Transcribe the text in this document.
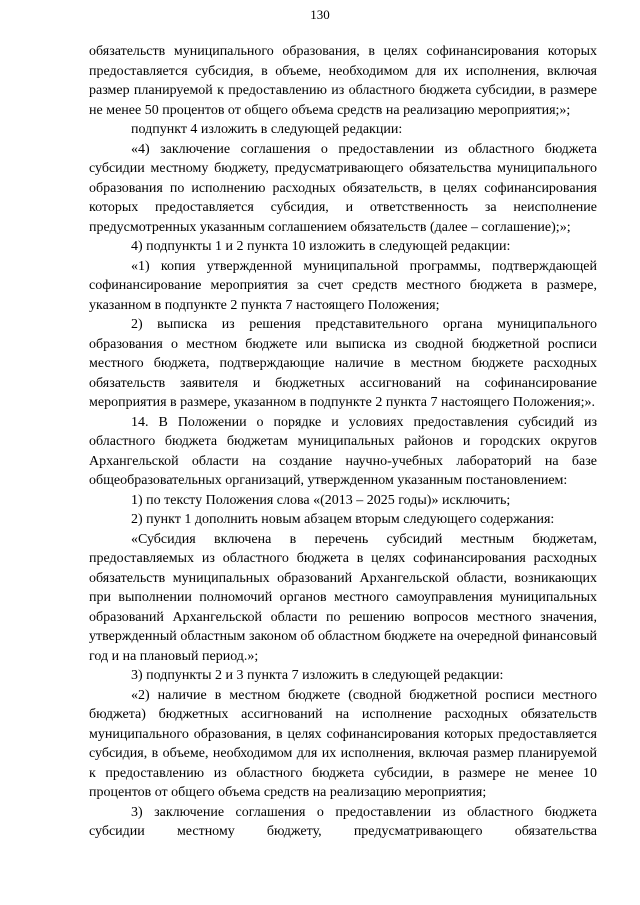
130

обязательств муниципального образования, в целях софинансирования которых предоставляется субсидия, в объеме, необходимом для их исполнения, включая размер планируемой к предоставлению из областного бюджета субсидии, в размере не менее 50 процентов от общего объема средств на реализацию мероприятия;»;

подпункт 4 изложить в следующей редакции:

«4) заключение соглашения о предоставлении из областного бюджета субсидии местному бюджету, предусматривающего обязательства муниципального образования по исполнению расходных обязательств, в целях софинансирования которых предоставляется субсидия, и ответственность за неисполнение предусмотренных указанным соглашением обязательств (далее – соглашение);»;

4) подпункты 1 и 2 пункта 10 изложить в следующей редакции:

«1) копия утвержденной муниципальной программы, подтверждающей софинансирование мероприятия за счет средств местного бюджета в размере, указанном в подпункте 2 пункта 7 настоящего Положения;

2) выписка из решения представительного органа муниципального образования о местном бюджете или выписка из сводной бюджетной росписи местного бюджета, подтверждающие наличие в местном бюджете расходных обязательств заявителя и бюджетных ассигнований на софинансирование мероприятия в размере, указанном в подпункте 2 пункта 7 настоящего Положения;».

14. В Положении о порядке и условиях предоставления субсидий из областного бюджета бюджетам муниципальных районов и городских округов Архангельской области на создание научно-учебных лабораторий на базе общеобразовательных организаций, утвержденном указанным постановлением:

1) по тексту Положения слова «(2013 – 2025 годы)» исключить;

2) пункт 1 дополнить новым абзацем вторым следующего содержания:

«Субсидия включена в перечень субсидий местным бюджетам, предоставляемых из областного бюджета в целях софинансирования расходных обязательств муниципальных образований Архангельской области, возникающих при выполнении полномочий органов местного самоуправления муниципальных образований Архангельской области по решению вопросов местного значения, утвержденный областным законом об областном бюджете на очередной финансовый год и на плановый период.»;

3) подпункты 2 и 3 пункта 7 изложить в следующей редакции:

«2) наличие в местном бюджете (сводной бюджетной росписи местного бюджета) бюджетных ассигнований на исполнение расходных обязательств муниципального образования, в целях софинансирования которых предоставляется субсидия, в объеме, необходимом для их исполнения, включая размер планируемой к предоставлению из областного бюджета субсидии, в размере не менее 10 процентов от общего объема средств на реализацию мероприятия;

3) заключение соглашения о предоставлении из областного бюджета субсидии местному бюджету, предусматривающего обязательства
